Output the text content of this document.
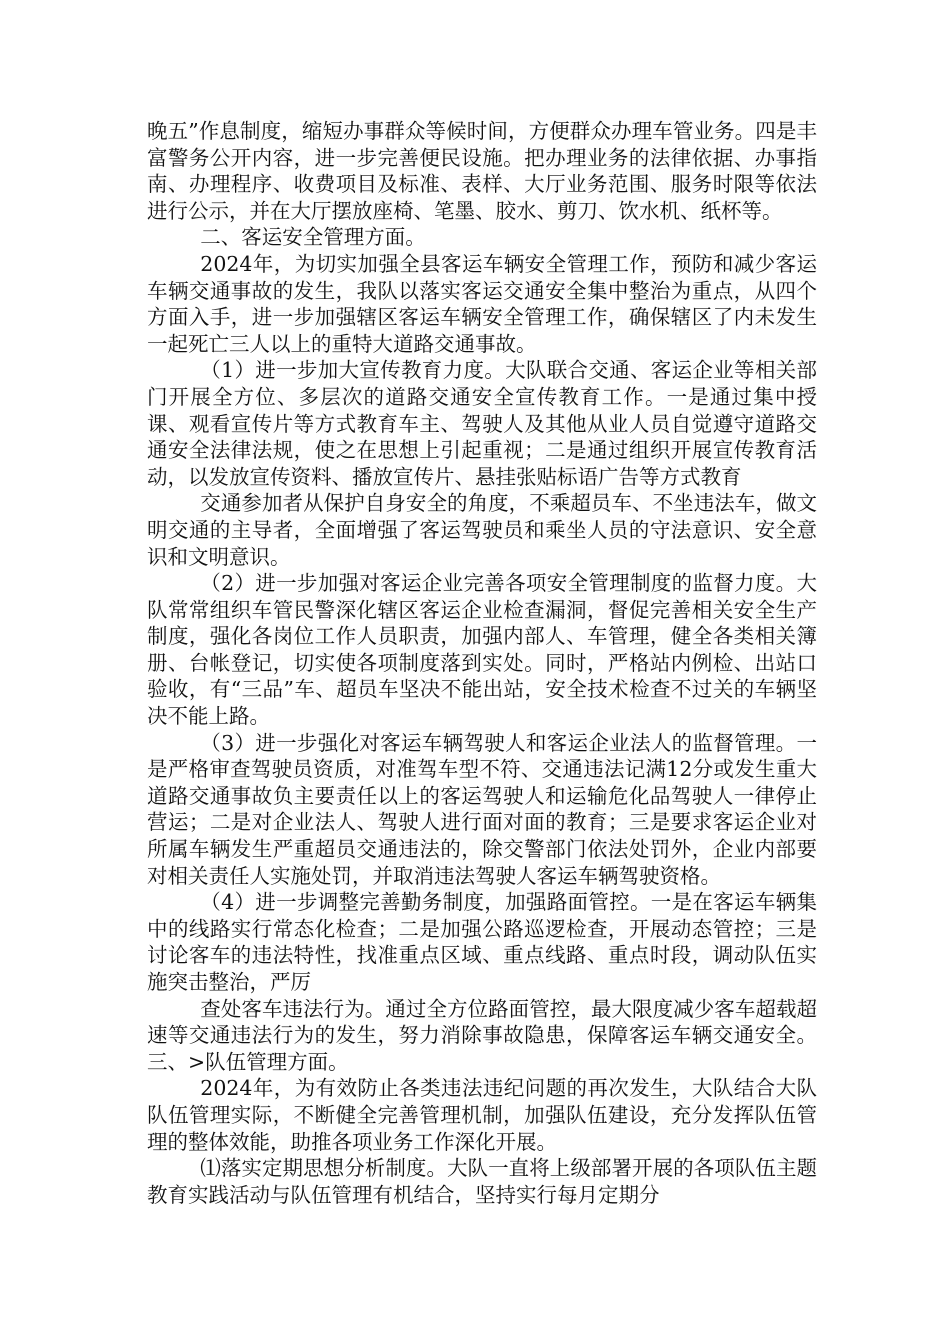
晚五”作息制度，缩短办事群众等候时间，方便群众办理车管业务。四是丰富警务公开内容，进一步完善便民设施。把办理业务的法律依据、办事指南、办理程序、收费项目及标准、表样、大厅业务范围、服务时限等依法进行公示，并在大厅摆放座椅、笔墨、胶水、剪刀、饮水机、纸杯等。

二、客运安全管理方面。

2024年，为切实加强全县客运车辆安全管理工作，预防和减少客运车辆交通事故的发生，我队以落实客运交通安全集中整治为重点，从四个方面入手，进一步加强辖区客运车辆安全管理工作，确保辖区了内未发生一起死亡三人以上的重特大道路交通事故。

（1）进一步加大宣传教育力度。大队联合交通、客运企业等相关部门开展全方位、多层次的道路交通安全宣传教育工作。一是通过集中授课、观看宣传片等方式教育车主、驾驶人及其他从业人员自觉遵守道路交通安全法律法规，使之在思想上引起重视；二是通过组织开展宣传教育活动，以发放宣传资料、播放宣传片、悬挂张贴标语广告等方式教育

交通参加者从保护自身安全的角度，不乘超员车、不坐违法车，做文明交通的主导者，全面增强了客运驾驶员和乘坐人员的守法意识、安全意识和文明意识。

（2）进一步加强对客运企业完善各项安全管理制度的监督力度。大队常常组织车管民警深化辖区客运企业检查漏洞，督促完善相关安全生产制度，强化各岗位工作人员职责，加强内部人、车管理，健全各类相关簿册、台帐登记，切实使各项制度落到实处。同时，严格站内例检、出站口验收，有“三品”车、超员车坚决不能出站，安全技术检查不过关的车辆坚决不能上路。

（3）进一步强化对客运车辆驾驶人和客运企业法人的监督管理。一是严格审查驾驶员资质，对准驾车型不符、交通违法记满12分或发生重大道路交通事故负主要责任以上的客运驾驶人和运输危化品驾驶人一律停止营运；二是对企业法人、驾驶人进行面对面的教育；三是要求客运企业对所属车辆发生严重超员交通违法的，除交警部门依法处罚外，企业内部要对相关责任人实施处罚，并取消违法驾驶人客运车辆驾驶资格。

（4）进一步调整完善勤务制度，加强路面管控。一是在客运车辆集中的线路实行常态化检查；二是加强公路巡逻检查，开展动态管控；三是讨论客车的违法特性，找准重点区域、重点线路、重点时段，调动队伍实施突击整治，严厉

查处客车违法行为。通过全方位路面管控，最大限度减少客车超载超速等交通违法行为的发生，努力消除事故隐患，保障客运车辆交通安全。三、>队伍管理方面。

2024年，为有效防止各类违法违纪问题的再次发生，大队结合大队队伍管理实际，不断健全完善管理机制，加强队伍建设，充分发挥队伍管理的整体效能，助推各项业务工作深化开展。

⑴落实定期思想分析制度。大队一直将上级部署开展的各项队伍主题教育实践活动与队伍管理有机结合，坚持实行每月定期分
